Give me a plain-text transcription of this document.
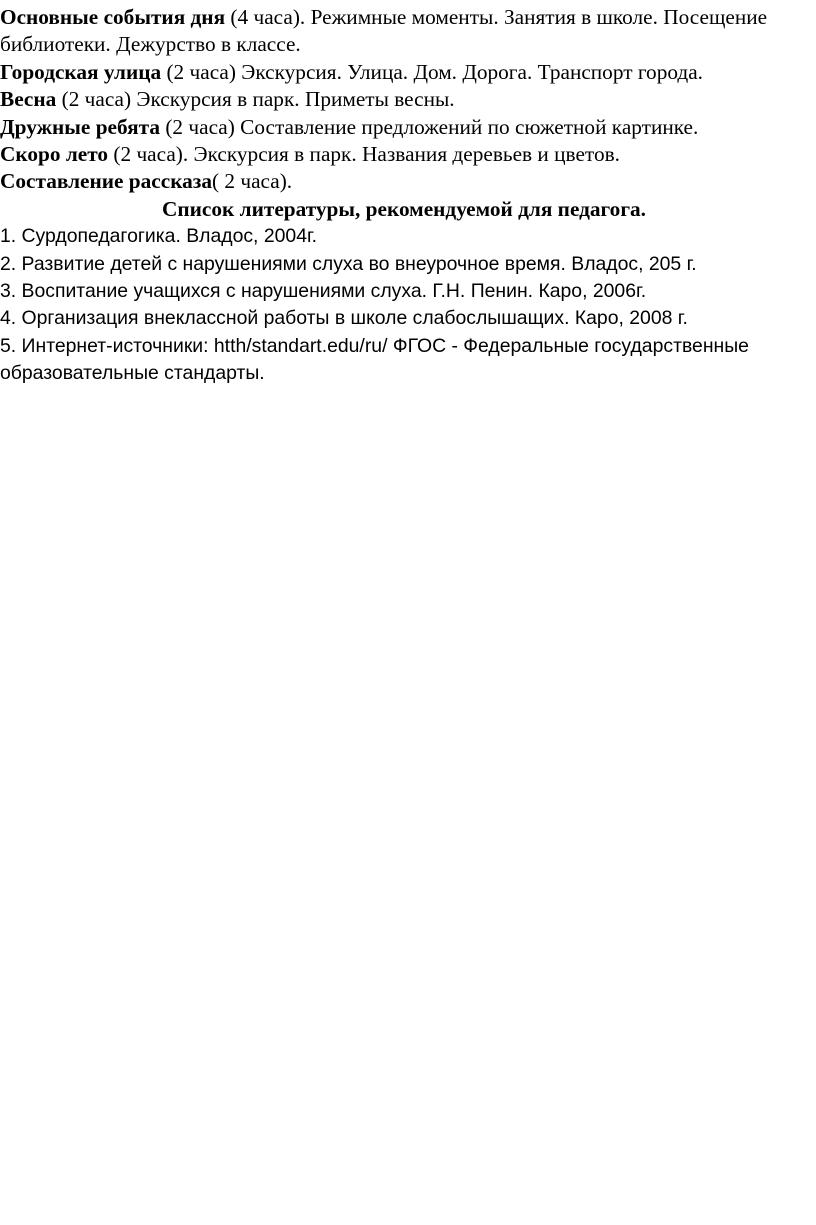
Основные события дня (4 часа). Режимные моменты. Занятия в школе. Посещение библиотеки. Дежурство в классе.

Городская улица (2 часа) Экскурсия. Улица. Дом. Дорога. Транспорт города.

Весна (2 часа) Экскурсия в парк. Приметы весны.

Дружные ребята (2 часа) Составление предложений по сюжетной картинке.

Скоро лето (2 часа). Экскурсия в парк. Названия деревьев и цветов.

Составление рассказа( 2 часа).

Список литературы, рекомендуемой для педагога.
1. Сурдопедагогика. Владос, 2004г.
2. Развитие детей с нарушениями слуха во внеурочное время. Владос, 205 г.
3. Воспитание учащихся с нарушениями слуха. Г.Н. Пенин. Каро, 2006г.
4. Организация внеклассной работы в школе слабослышащих. Каро, 2008 г.
5. Интернет-источники: htth/standart.edu/ru/ ФГОС - Федеральные государственные образовательные стандарты.
